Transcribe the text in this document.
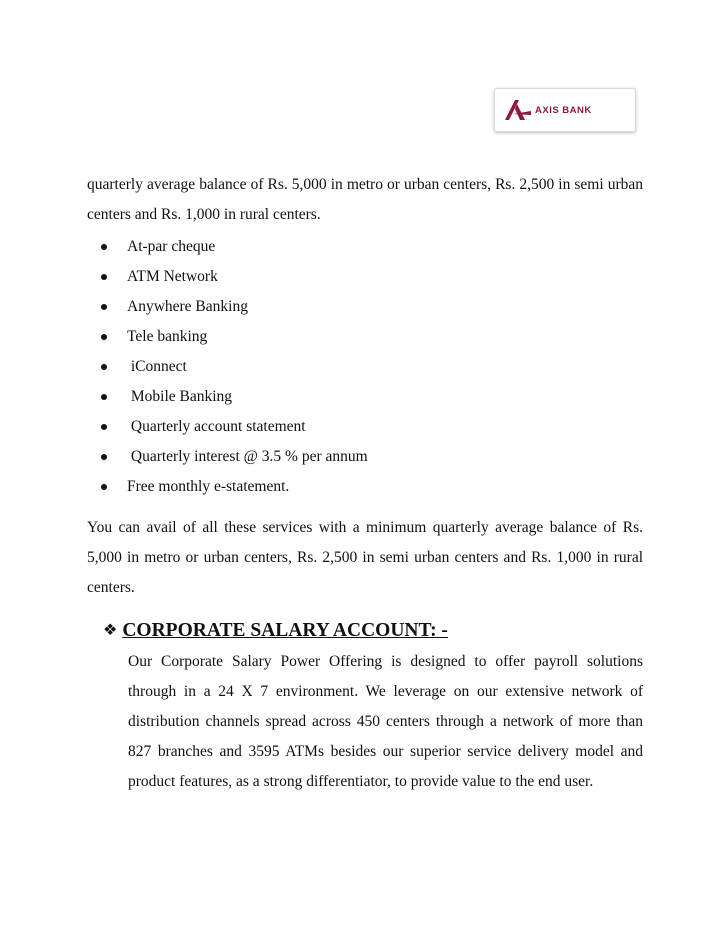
AXIS BANK

quarterly average balance of Rs. 5,000 in metro or urban centers, Rs. 2,500 in semi urban centers and Rs. 1,000 in rural centers.

At-par cheque
ATM Network
Anywhere Banking
Tele banking
iConnect
Mobile Banking
Quarterly account statement
Quarterly interest @ 3.5 % per annum
Free monthly e-statement.

You can avail of all these services with a minimum quarterly average balance of Rs. 5,000 in metro or urban centers, Rs. 2,500 in semi urban centers and Rs. 1,000 in rural centers.

❖ CORPORATE SALARY ACCOUNT: -

Our Corporate Salary Power Offering is designed to offer payroll solutions through in a 24 X 7 environment. We leverage on our extensive network of distribution channels spread across 450 centers through a network of more than 827 branches and 3595 ATMs besides our superior service delivery model and product features, as a strong differentiator, to provide value to the end user.
